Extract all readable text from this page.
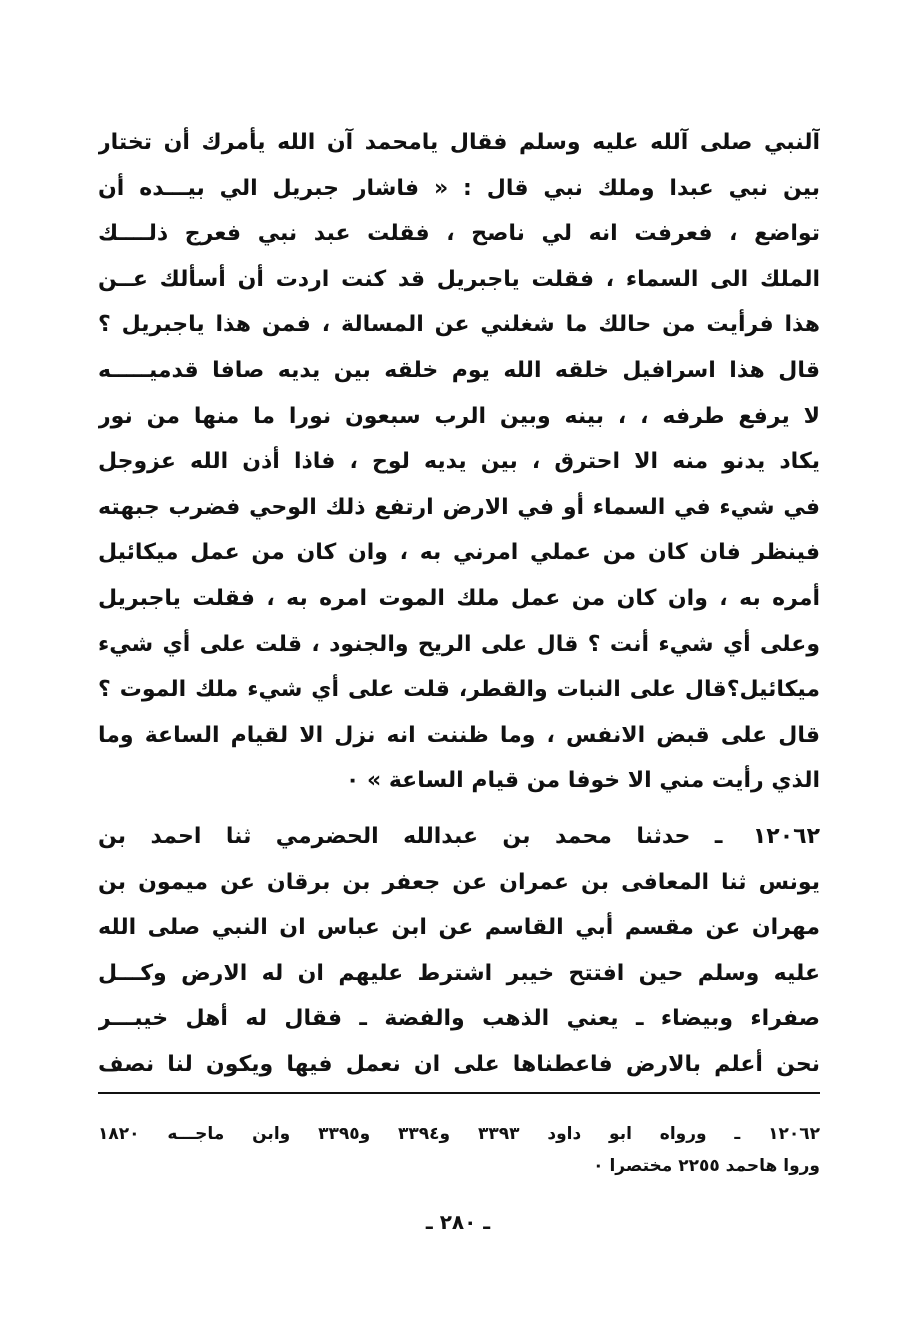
آلنبي صلى آلله عليه وسلم فقال يامحمد آن الله يأمرك أن تختار
بين نبي عبدا وملك نبي قال : « فاشار جبريل الي بيـــده أن
تواضع ، فعرفت انه لي ناصح ، فقلت عبد نبي فعرج ذلــــك
الملك الى السماء ، فقلت ياجبريل قد كنت اردت أن أسألك عــن
هذا فرأيت من حالك ما شغلني عن المسالة ، فمن هذا ياجبريل ؟
قال هذا اسرافيل خلقه الله يوم خلقه بين يديه صافا قدميـــــه
لا يرفع طرفه ، ، بينه وبين الرب سبعون نورا ما منها من نور
يكاد يدنو منه الا احترق ، بين يديه لوح ، فاذا أذن الله عزوجل
في شيء في السماء أو في الارض ارتفع ذلك الوحي فضرب جبهته
فينظر فان كان من عملي امرني به ، وان كان من عمل ميكائيل
أمره به ، وان كان من عمل ملك الموت امره به ، فقلت ياجبريل
وعلى أي شيء أنت ؟ قال على الريح والجنود ، قلت على أي شيء
ميكائيل؟قال على النبات والقطر، قلت على أي شيء ملك الموت ؟
قال على قبض الانفس ، وما ظننت انه نزل الا لقيام الساعة وما
الذي رأيت مني الا خوفا من قيام الساعة » ٠
١٢٠٦٢ ـ حدثنا محمد بن عبدالله الحضرمي ثنا احمد بن
يونس ثنا المعافى بن عمران عن جعفر بن برقان عن ميمون بن
مهران عن مقسم أبي القاسم عن ابن عباس ان النبي صلى الله
عليه وسلم حين افتتح خيبر اشترط عليهم ان له الارض وكـــل
صفراء وبيضاء ـ يعني الذهب والفضة ـ فقال له أهل خيبـــر
نحن أعلم بالارض فاعطناها على ان نعمل فيها ويكون لنا نصف
١٢٠٦٢ ـ ورواه ابو داود ٣٣٩٣ و٣٣٩٤ و٣٣٩٥ وابن ماجـــه ١٨٢٠
وروا ه‍احمد ٢٢٥٥ مختصرا ٠
ـ ٢٨٠ ـ
